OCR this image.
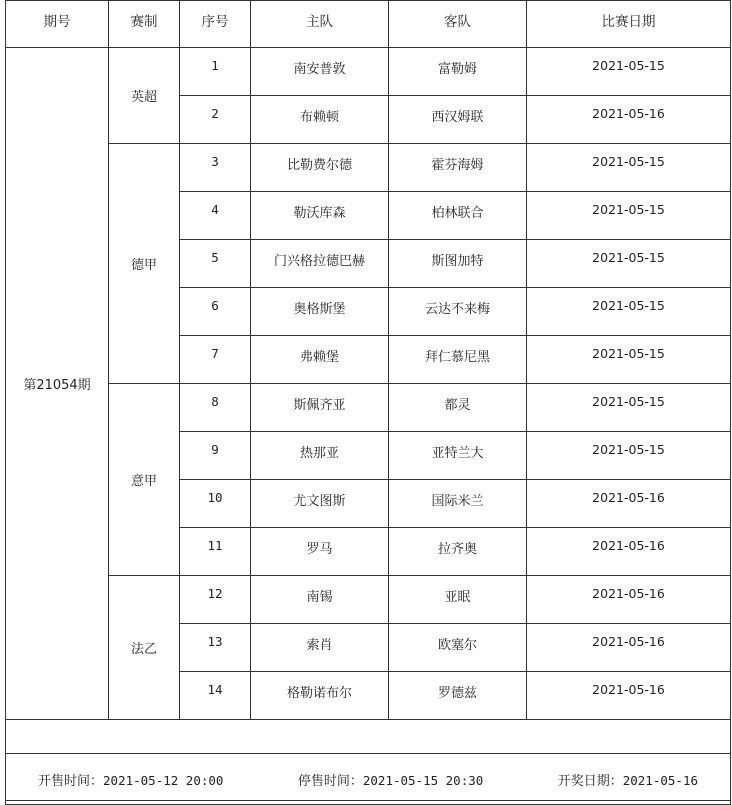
期号	赛制	序号	主队	客队	比赛日期
第21054期	英超	1	南安普敦	富勒姆	2021-05-15
		2	布赖顿	西汉姆联	2021-05-16
	德甲	3	比勒费尔德	霍芬海姆	2021-05-15
		4	勒沃库森	柏林联合	2021-05-15
		5	门兴格拉德巴赫	斯图加特	2021-05-15
		6	奥格斯堡	云达不来梅	2021-05-15
		7	弗赖堡	拜仁慕尼黑	2021-05-15
	意甲	8	斯佩齐亚	都灵	2021-05-15
		9	热那亚	亚特兰大	2021-05-15
		10	尤文图斯	国际米兰	2021-05-16
		11	罗马	拉齐奥	2021-05-16
	法乙	12	南锡	亚眠	2021-05-16
		13	索肖	欧塞尔	2021-05-16
		14	格勒诺布尔	罗德兹	2021-05-16

开售时间：2021-05-12 20:00 停售时间：2021-05-15 20:30 开奖日期：2021-05-16					
